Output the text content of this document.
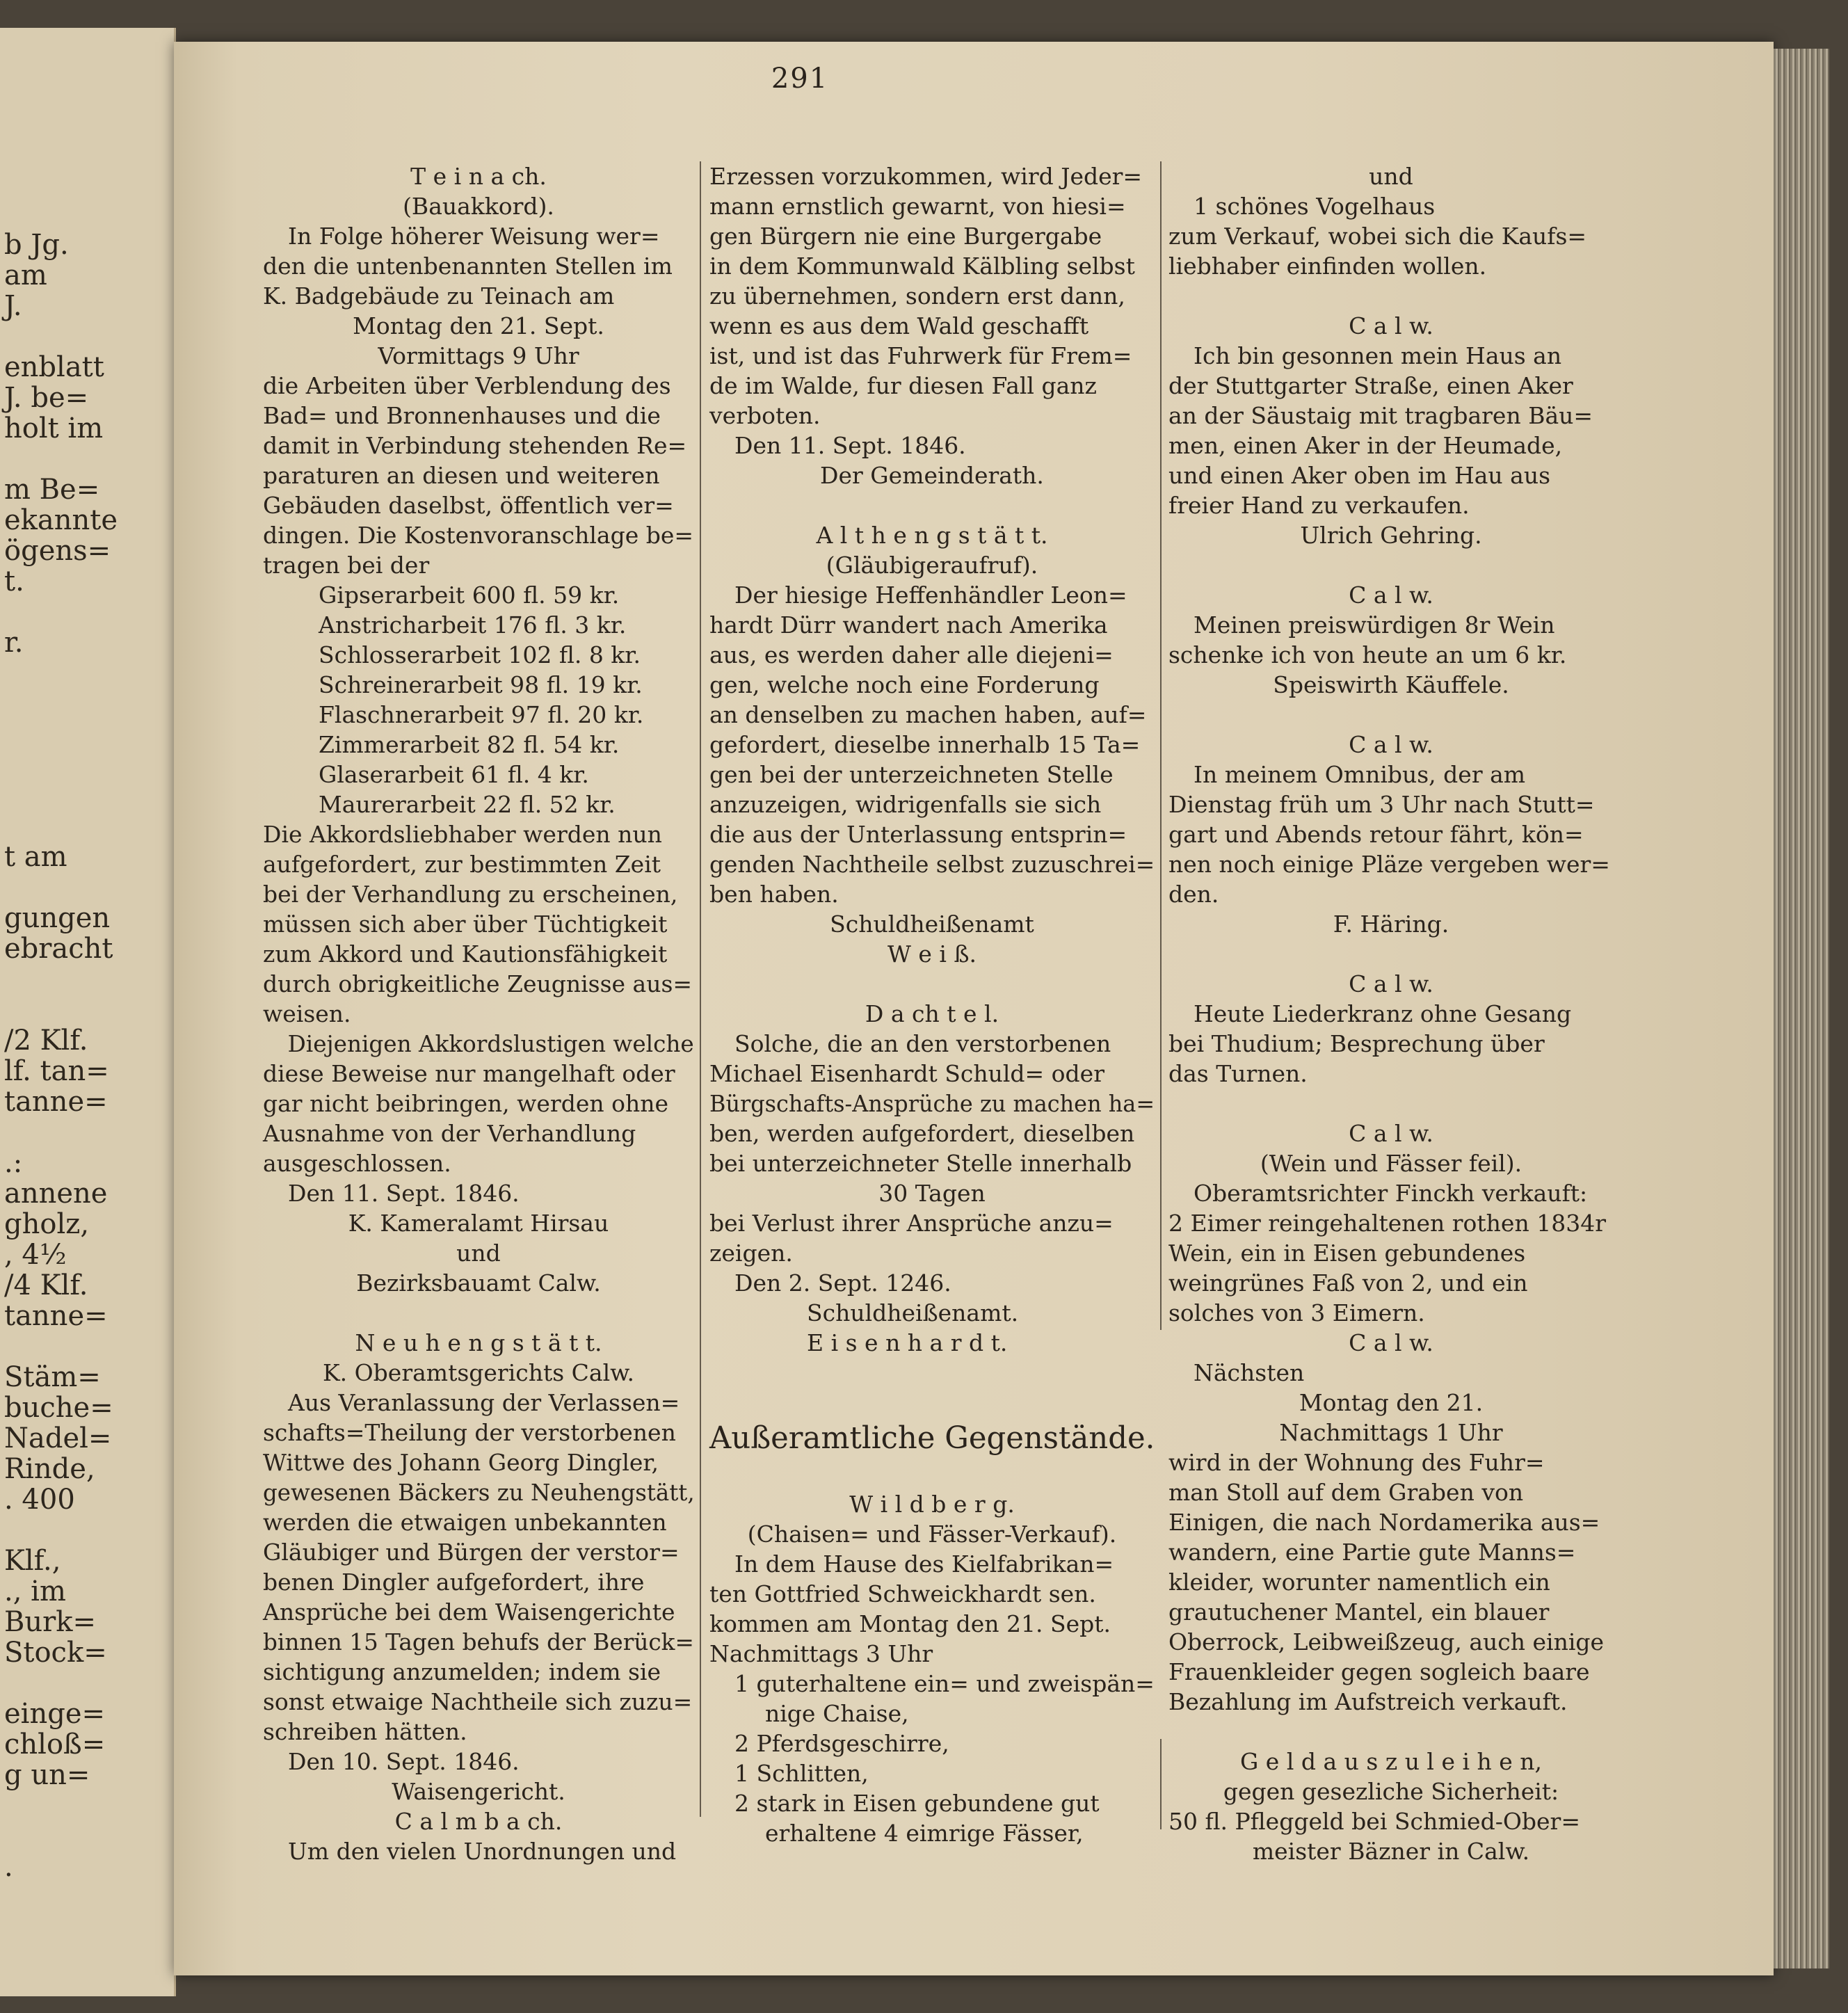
b Jg.
am
J.
enblatt
J. be=
holt im
m Be=
ekannte
ögens=
t.
r.
t am
gungen
ebracht
/2 Klf.
lf. tan=
tanne=
.:
annene
gholz,
, 4½
/4 Klf.
tanne=
Stäm=
buche=
Nadel=
Rinde,
. 400
Klf.,
., im
Burk=
Stock=
einge=
chloß=
g un=
.
291
T e i n a ch.
(Bauakkord).
In Folge höherer Weisung wer=
den die untenbenannten Stellen im
K. Badgebäude zu Teinach am
Montag den 21. Sept.
Vormittags 9 Uhr
die Arbeiten über Verblendung des
Bad= und Bronnenhauses und die
damit in Verbindung stehenden Re=
paraturen an diesen und weiteren
Gebäuden daselbst, öffentlich ver=
dingen. Die Kostenvoranschlage be=
tragen bei der
Gipserarbeit 600 fl. 59 kr.
Anstricharbeit 176 fl. 3 kr.
Schlosserarbeit 102 fl. 8 kr.
Schreinerarbeit 98 fl. 19 kr.
Flaschnerarbeit 97 fl. 20 kr.
Zimmerarbeit 82 fl. 54 kr.
Glaserarbeit 61 fl. 4 kr.
Maurerarbeit 22 fl. 52 kr.
Die Akkordsliebhaber werden nun
aufgefordert, zur bestimmten Zeit
bei der Verhandlung zu erscheinen,
müssen sich aber über Tüchtigkeit
zum Akkord und Kautionsfähigkeit
durch obrigkeitliche Zeugnisse aus=
weisen.
Diejenigen Akkordslustigen welche
diese Beweise nur mangelhaft oder
gar nicht beibringen, werden ohne
Ausnahme von der Verhandlung
ausgeschlossen.
Den 11. Sept. 1846.
K. Kameralamt Hirsau
und
Bezirksbauamt Calw.
N e u h e n g s t ä t t.
K. Oberamtsgerichts Calw.
Aus Veranlassung der Verlassen=
schafts=Theilung der verstorbenen
Wittwe des Johann Georg Dingler,
gewesenen Bäckers zu Neuhengstätt,
werden die etwaigen unbekannten
Gläubiger und Bürgen der verstor=
benen Dingler aufgefordert, ihre
Ansprüche bei dem Waisengerichte
binnen 15 Tagen behufs der Berück=
sichtigung anzumelden; indem sie
sonst etwaige Nachtheile sich zuzu=
schreiben hätten.
Den 10. Sept. 1846.
Waisengericht.
C a l m b a ch.
Um den vielen Unordnungen und
Erzessen vorzukommen, wird Jeder=
mann ernstlich gewarnt, von hiesi=
gen Bürgern nie eine Burgergabe
in dem Kommunwald Kälbling selbst
zu übernehmen, sondern erst dann,
wenn es aus dem Wald geschafft
ist, und ist das Fuhrwerk für Frem=
de im Walde, fur diesen Fall ganz
verboten.
Den 11. Sept. 1846.
Der Gemeinderath.
A l t h e n g s t ä t t.
(Gläubigeraufruf).
Der hiesige Heffenhändler Leon=
hardt Dürr wandert nach Amerika
aus, es werden daher alle diejeni=
gen, welche noch eine Forderung
an denselben zu machen haben, auf=
gefordert, dieselbe innerhalb 15 Ta=
gen bei der unterzeichneten Stelle
anzuzeigen, widrigenfalls sie sich
die aus der Unterlassung entsprin=
genden Nachtheile selbst zuzuschrei=
ben haben.
Schuldheißenamt
W e i ß.
D a ch t e l.
Solche, die an den verstorbenen
Michael Eisenhardt Schuld= oder
Bürgschafts-Ansprüche zu machen ha=
ben, werden aufgefordert, dieselben
bei unterzeichneter Stelle innerhalb
30 Tagen
bei Verlust ihrer Ansprüche anzu=
zeigen.
Den 2. Sept. 1246.
Schuldheißenamt.
E i s e n h a r d t.
Außeramtliche Gegenstände.
W i l d b e r g.
(Chaisen= und Fässer-Verkauf).
In dem Hause des Kielfabrikan=
ten Gottfried Schweickhardt sen.
kommen am Montag den 21. Sept.
Nachmittags 3 Uhr
1 guterhaltene ein= und zweispän=
nige Chaise,
2 Pferdsgeschirre,
1 Schlitten,
2 stark in Eisen gebundene gut
erhaltene 4 eimrige Fässer,
und
1 schönes Vogelhaus
zum Verkauf, wobei sich die Kaufs=
liebhaber einfinden wollen.
C a l w.
Ich bin gesonnen mein Haus an
der Stuttgarter Straße, einen Aker
an der Säustaig mit tragbaren Bäu=
men, einen Aker in der Heumade,
und einen Aker oben im Hau aus
freier Hand zu verkaufen.
Ulrich Gehring.
C a l w.
Meinen preiswürdigen 8r Wein
schenke ich von heute an um 6 kr.
Speiswirth Käuffele.
C a l w.
In meinem Omnibus, der am
Dienstag früh um 3 Uhr nach Stutt=
gart und Abends retour fährt, kön=
nen noch einige Pläze vergeben wer=
den.
F. Häring.
C a l w.
Heute Liederkranz ohne Gesang
bei Thudium; Besprechung über
das Turnen.
C a l w.
(Wein und Fässer feil).
Oberamtsrichter Finckh verkauft:
2 Eimer reingehaltenen rothen 1834r
Wein, ein in Eisen gebundenes
weingrünes Faß von 2, und ein
solches von 3 Eimern.
C a l w.
Nächsten
Montag den 21.
Nachmittags 1 Uhr
wird in der Wohnung des Fuhr=
man Stoll auf dem Graben von
Einigen, die nach Nordamerika aus=
wandern, eine Partie gute Manns=
kleider, worunter namentlich ein
grautuchener Mantel, ein blauer
Oberrock, Leibweißzeug, auch einige
Frauenkleider gegen sogleich baare
Bezahlung im Aufstreich verkauft.
G e l d a u s z u l e i h e n,
gegen gesezliche Sicherheit:
50 fl. Pfleggeld bei Schmied-Ober=
meister Bäzner in Calw.
